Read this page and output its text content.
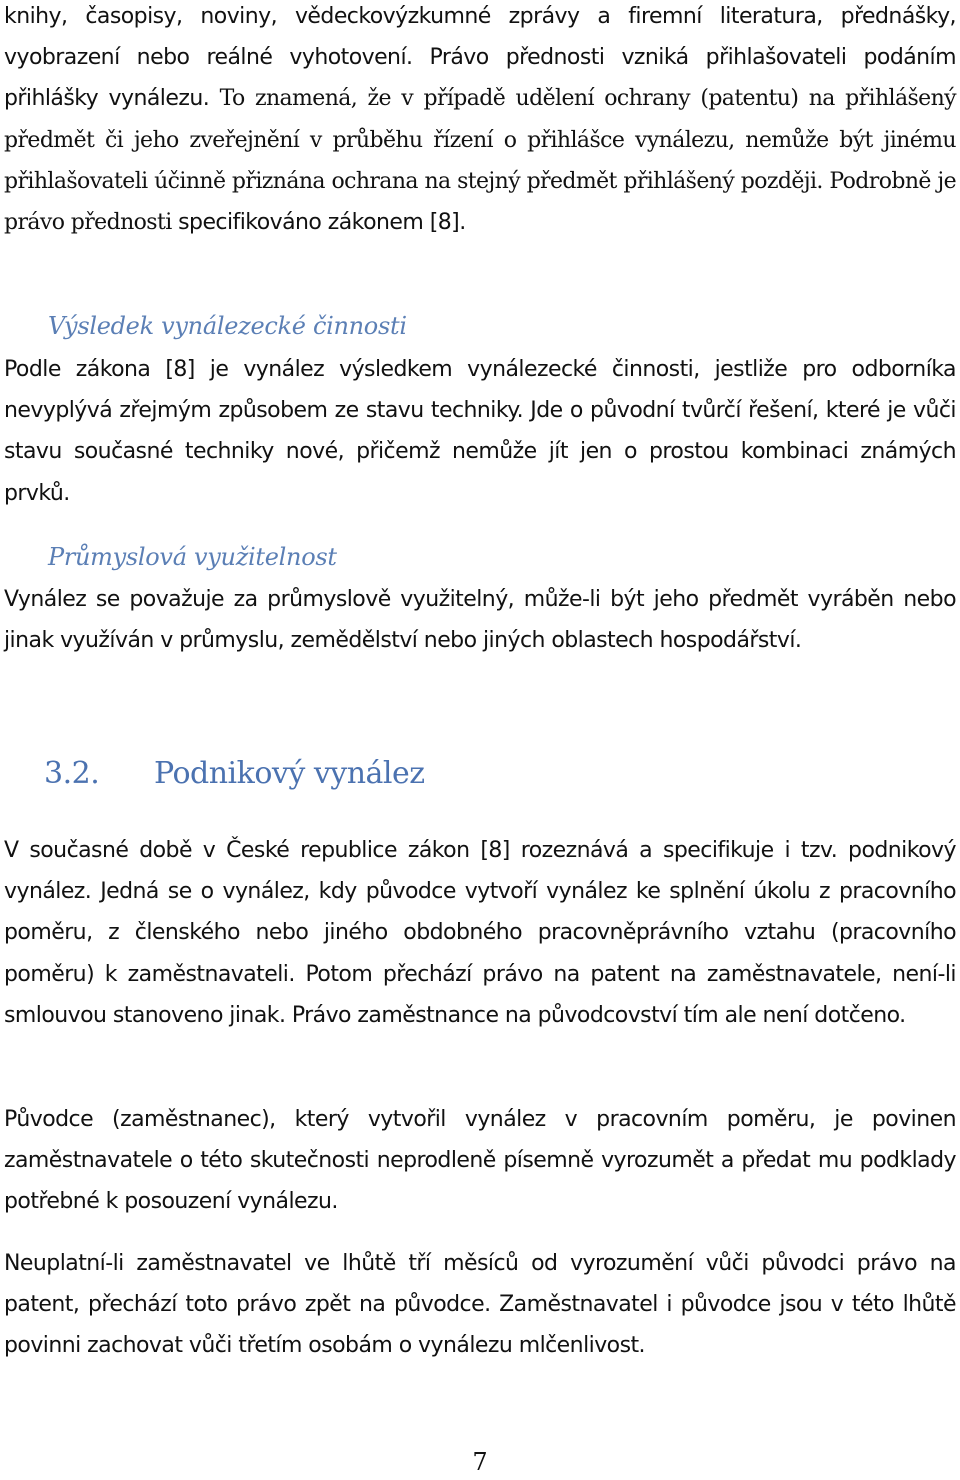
knihy, časopisy, noviny, vědeckovýzkumné zprávy a firemní literatura, přednášky, vyobrazení nebo reálné vyhotovení. Právo přednosti vzniká přihlašovateli podáním přihlášky vynálezu. To znamená, že v případě udělení ochrany (patentu) na přihlášený předmět či jeho zveřejnění v průběhu řízení o přihlášce vynálezu, nemůže být jinému přihlašovateli účinně přiznána ochrana na stejný předmět přihlášený později. Podrobně je právo přednosti specifikováno zákonem [8].

Výsledek vynálezecké činnosti

Podle zákona [8] je vynález výsledkem vynálezecké činnosti, jestliže pro odborníka nevyplývá zřejmým způsobem ze stavu techniky. Jde o původní tvůrčí řešení, které je vůči stavu současné techniky nové, přičemž nemůže jít jen o prostou kombinaci známých prvků.

Průmyslová využitelnost

Vynález se považuje za průmyslově využitelný, může-li být jeho předmět vyráběn nebo jinak využíván v průmyslu, zemědělství nebo jiných oblastech hospodářství.

3.2. Podnikový vynález

V současné době v České republice zákon [8] rozeznává a specifikuje i tzv. podnikový vynález. Jedná se o vynález, kdy původce vytvoří vynález ke splnění úkolu z pracovního poměru, z členského nebo jiného obdobného pracovněprávního vztahu (pracovního poměru) k zaměstnavateli. Potom přechází právo na patent na zaměstnavatele, není-li smlouvou stanoveno jinak. Právo zaměstnance na původcovství tím ale není dotčeno.

Původce (zaměstnanec), který vytvořil vynález v pracovním poměru, je povinen zaměstnavatele o této skutečnosti neprodleně písemně vyrozumět a předat mu podklady potřebné k posouzení vynálezu.

Neuplatní-li zaměstnavatel ve lhůtě tří měsíců od vyrozumění vůči původci právo na patent, přechází toto právo zpět na původce. Zaměstnavatel i původce jsou v této lhůtě povinni zachovat vůči třetím osobám o vynálezu mlčenlivost.

7
